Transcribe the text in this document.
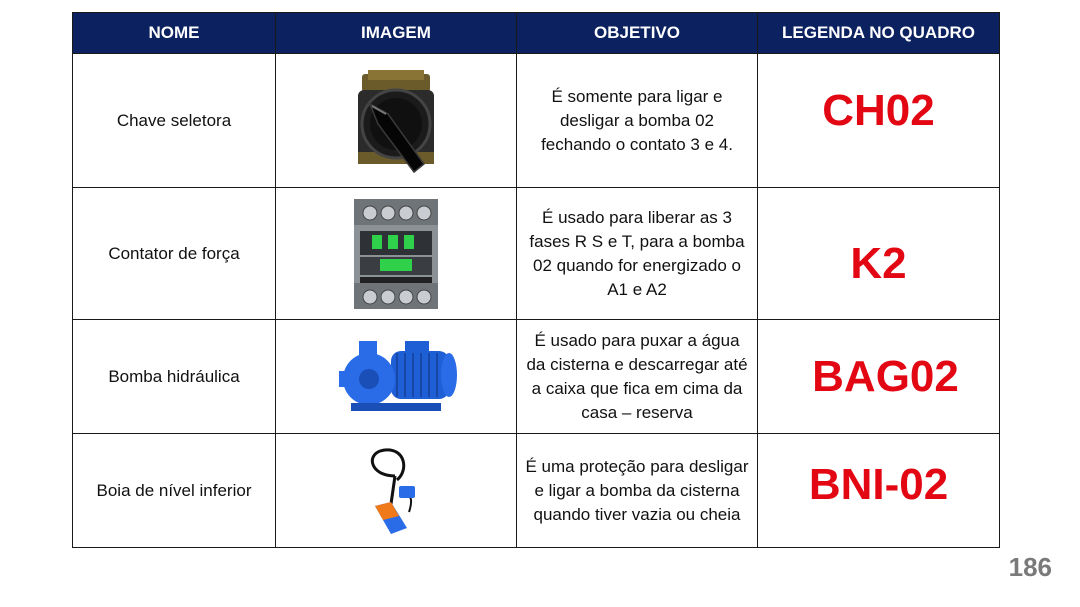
NOME	IMAGEM	OBJETIVO	LEGENDA NO QUADRO
Chave seletora		É somente para ligar e desligar a bomba 02 fechando o contato 3 e 4.	CH02

Contator de força		É usado para liberar as 3 fases R S e T, para a bomba 02 quando for energizado o A1 e A2	K2

Bomba hidráulica		É usado para puxar a água da cisterna e descarregar até a caixa que fica em cima da casa – reserva	BAG02

Boia de nível inferior		É uma proteção para desligar e ligar a bomba da cisterna quando tiver vazia ou cheia	BNI-02
186
